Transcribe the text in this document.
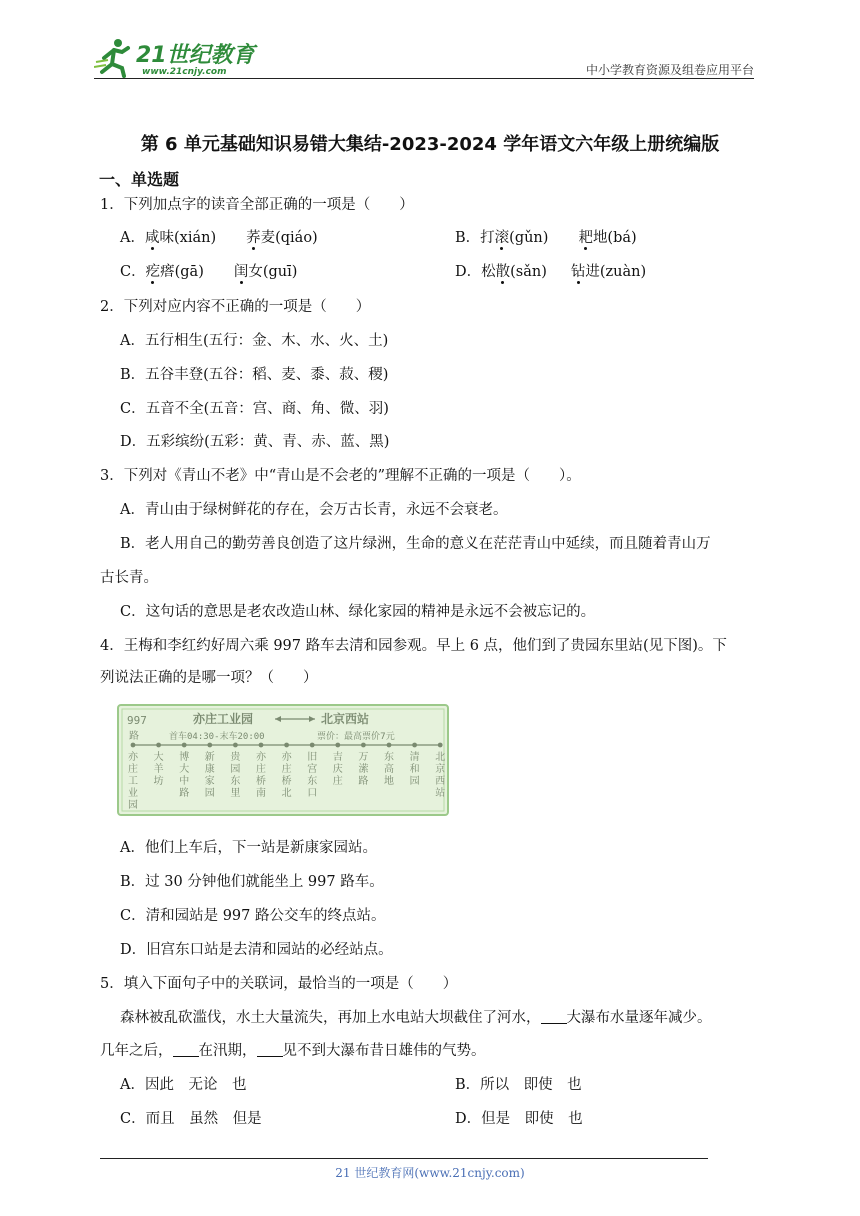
21世纪教育
www.21cnjy.com	中小学教育资源及组卷应用平台
第 6 单元基础知识易错大集结-2023-2024 学年语文六年级上册统编版
一、单选题
1．下列加点字的读音全部正确的一项是（　　）
A．咸味(xián) 荞麦(qiáo)	B．打滚(gǔn) 耙地(bá)
C．疙瘩(gā) 闺女(guī)	D．松散(sǎn) 钻进(zuàn)
2．下列对应内容不正确的一项是（　　）
A．五行相生(五行：金、木、水、火、土)
B．五谷丰登(五谷：稻、麦、黍、菽、稷)
C．五音不全(五音：宫、商、角、微、羽)
D．五彩缤纷(五彩：黄、青、赤、蓝、黑)
3．下列对《青山不老》中“青山是不会老的”理解不正确的一项是（　　）。
A．青山由于绿树鲜花的存在，会万古长青，永远不会衰老。
B．老人用自己的勤劳善良创造了这片绿洲，生命的意义在茫茫青山中延续，而且随着青山万
古长青。
C．这句话的意思是老农改造山林、绿化家园的精神是永远不会被忘记的。
4．王梅和李红约好周六乘 997 路车去清和园参观。早上 6 点，他们到了贵园东里站(见下图)。下
列说法正确的是哪一项？（　　）
997
路
亦庄工业园	北京西站
首车04:30-末车20:00	票价：最高票价7元
亦庄工业园
大羊坊
博大中路
新康家园
贵园东里
亦庄桥南
亦庄桥北
旧宫东口
吉庆庄
万潆路
东高地
清和园
北京西站
A．他们上车后，下一站是新康家园站。
B．过 30 分钟他们就能坐上 997 路车。
C．清和园站是 997 路公交车的终点站。
D．旧宫东口站是去清和园站的必经站点。
5．填入下面句子中的关联词，最恰当的一项是（　　）
森林被乱砍滥伐，水土大量流失，再加上水电站大坝截住了河水， 大瀑布水量逐年减少。
几年之后， 在汛期， 见不到大瀑布昔日雄伟的气势。
A．因此　无论　也	B．所以　即使　也
C．而且　虽然　但是	D．但是　即使　也
21 世纪教育网(www.21cnjy.com)
